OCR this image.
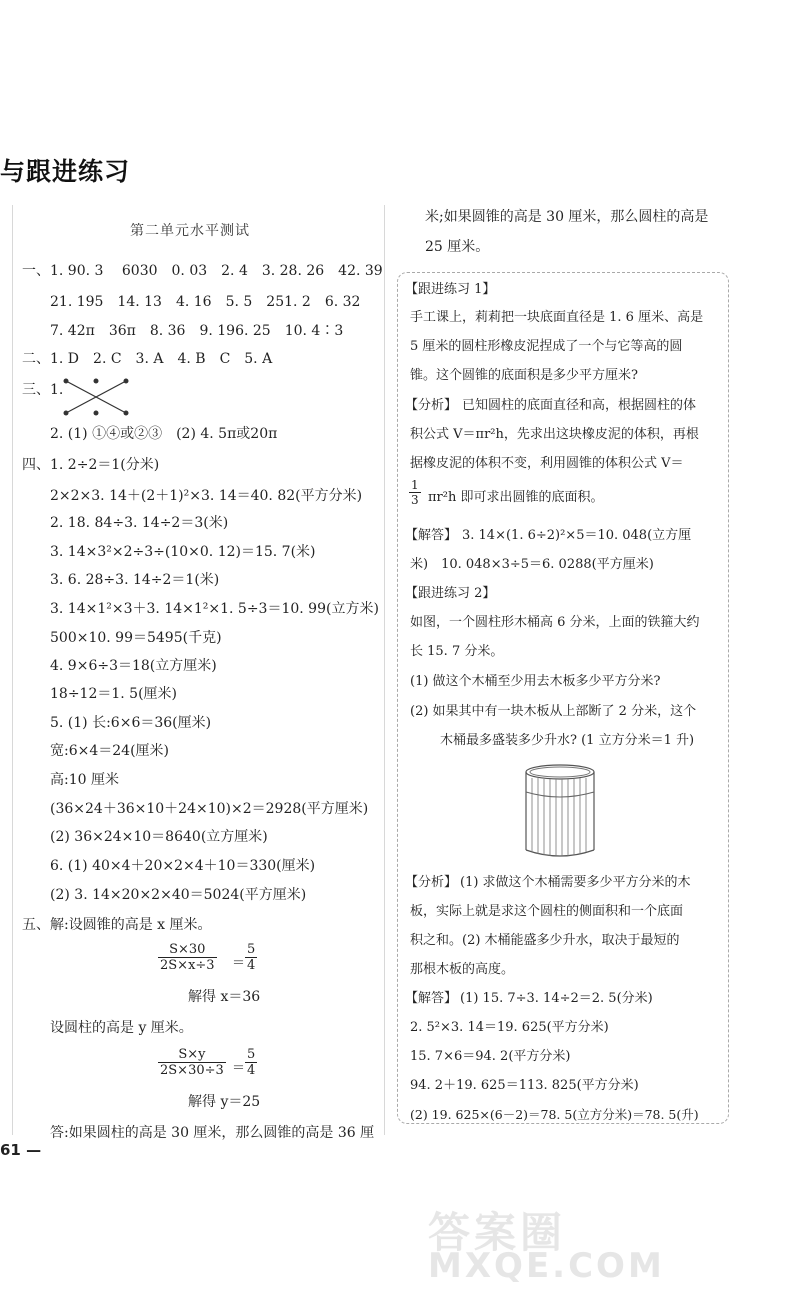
与跟进练习
第二单元水平测试
一、1. 90. 3　 6030　0. 03　2. 4　3. 28. 26　42. 39
21. 195　14. 13　4. 16　5. 5　251. 2　6. 32
7. 42π　36π　8. 36　9. 196. 25　10. 4∶3
二、1. D　2. C　3. A　4. B　C　5. A
三、1.
2. (1) ①④或②③　(2) 4. 5π或20π
四、1. 2÷2＝1(分米)
2×2×3. 14＋(2＋1)²×3. 14＝40. 82(平方分米)
2. 18. 84÷3. 14÷2＝3(米)
3. 14×3²×2÷3÷(10×0. 12)＝15. 7(米)
3. 6. 28÷3. 14÷2＝1(米)
3. 14×1²×3＋3. 14×1²×1. 5÷3＝10. 99(立方米)
500×10. 99＝5495(千克)
4. 9×6÷3＝18(立方厘米)
18÷12＝1. 5(厘米)
5. (1) 长:6×6＝36(厘米)
宽:6×4＝24(厘米)
高:10 厘米
(36×24＋36×10＋24×10)×2＝2928(平方厘米)
(2) 36×24×10＝8640(立方厘米)
6. (1) 40×4＋20×2×4＋10＝330(厘米)
(2) 3. 14×20×2×40＝5024(平方厘米)
五、解:设圆锥的高是 x 厘米。
$\frac{S\times 30}{2S\times x\div 3} = \frac{5}{4}$
解得 x＝36
设圆柱的高是 y 厘米。
$\frac{S\times y}{2S\times 30\div 3} = \frac{5}{4}$
解得 y＝25
答:如果圆柱的高是 30 厘米，那么圆锥的高是 36 厘
米;如果圆锥的高是 30 厘米，那么圆柱的高是
25 厘米。
【跟进练习 1】
手工课上，莉莉把一块底面直径是 1. 6 厘米、高是
5 厘米的圆柱形橡皮泥捏成了一个与它等高的圆
锥。这个圆锥的底面积是多少平方厘米?
【分析】 已知圆柱的底面直径和高，根据圆柱的体
积公式 V＝πr²h，先求出这块橡皮泥的体积，再根
据橡皮泥的体积不变，利用圆锥的体积公式 V＝
$\frac{1}{3} \pi r^2h$ 即可求出圆锥的底面积。
【解答】 3. 14×(1. 6÷2)²×5＝10. 048(立方厘
米)　10. 048×3÷5＝6. 0288(平方厘米)
【跟进练习 2】
如图，一个圆柱形木桶高 6 分米，上面的铁箍大约
长 15. 7 分米。
(1) 做这个木桶至少用去木板多少平方分米?
(2) 如果其中有一块木板从上部断了 2 分米，这个
木桶最多盛装多少升水? (1 立方分米＝1 升)
【分析】 (1) 求做这个木桶需要多少平方分米的木
板，实际上就是求这个圆柱的侧面积和一个底面
积之和。(2) 木桶能盛多少升水，取决于最短的
那根木板的高度。
【解答】 (1) 15. 7÷3. 14÷2＝2. 5(分米)
2. 5²×3. 14＝19. 625(平方分米)
15. 7×6＝94. 2(平方分米)
94. 2＋19. 625＝113. 825(平方分米)
(2) 19. 625×(6－2)＝78. 5(立方分米)＝78. 5(升)
61 —
答案圈
MXQE.COM
